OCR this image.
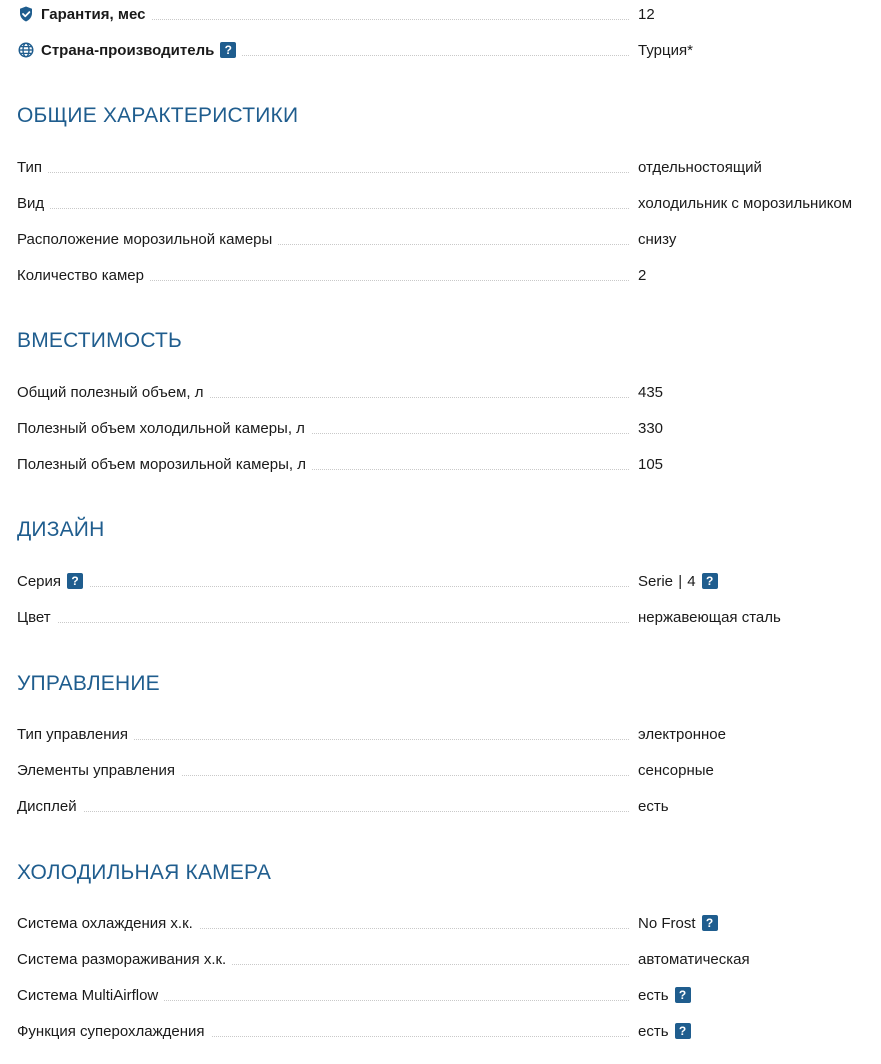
Гарантия, мес	12
Страна-производитель ?	Турция*
ОБЩИЕ ХАРАКТЕРИСТИКИ
Тип	отдельностоящий
Вид	холодильник с морозильником
Расположение морозильной камеры	снизу
Количество камер	2
ВМЕСТИМОСТЬ
Общий полезный объем, л	435
Полезный объем холодильной камеры, л	330
Полезный объем морозильной камеры, л	105
ДИЗАЙН
Серия ?	Serie | 4 ?
Цвет	нержавеющая сталь
УПРАВЛЕНИЕ
Тип управления	электронное
Элементы управления	сенсорные
Дисплей	есть
ХОЛОДИЛЬНАЯ КАМЕРА
Система охлаждения х.к.	No Frost ?
Система размораживания х.к.	автоматическая
Система MultiAirflow	есть ?
Функция суперохлаждения	есть ?
